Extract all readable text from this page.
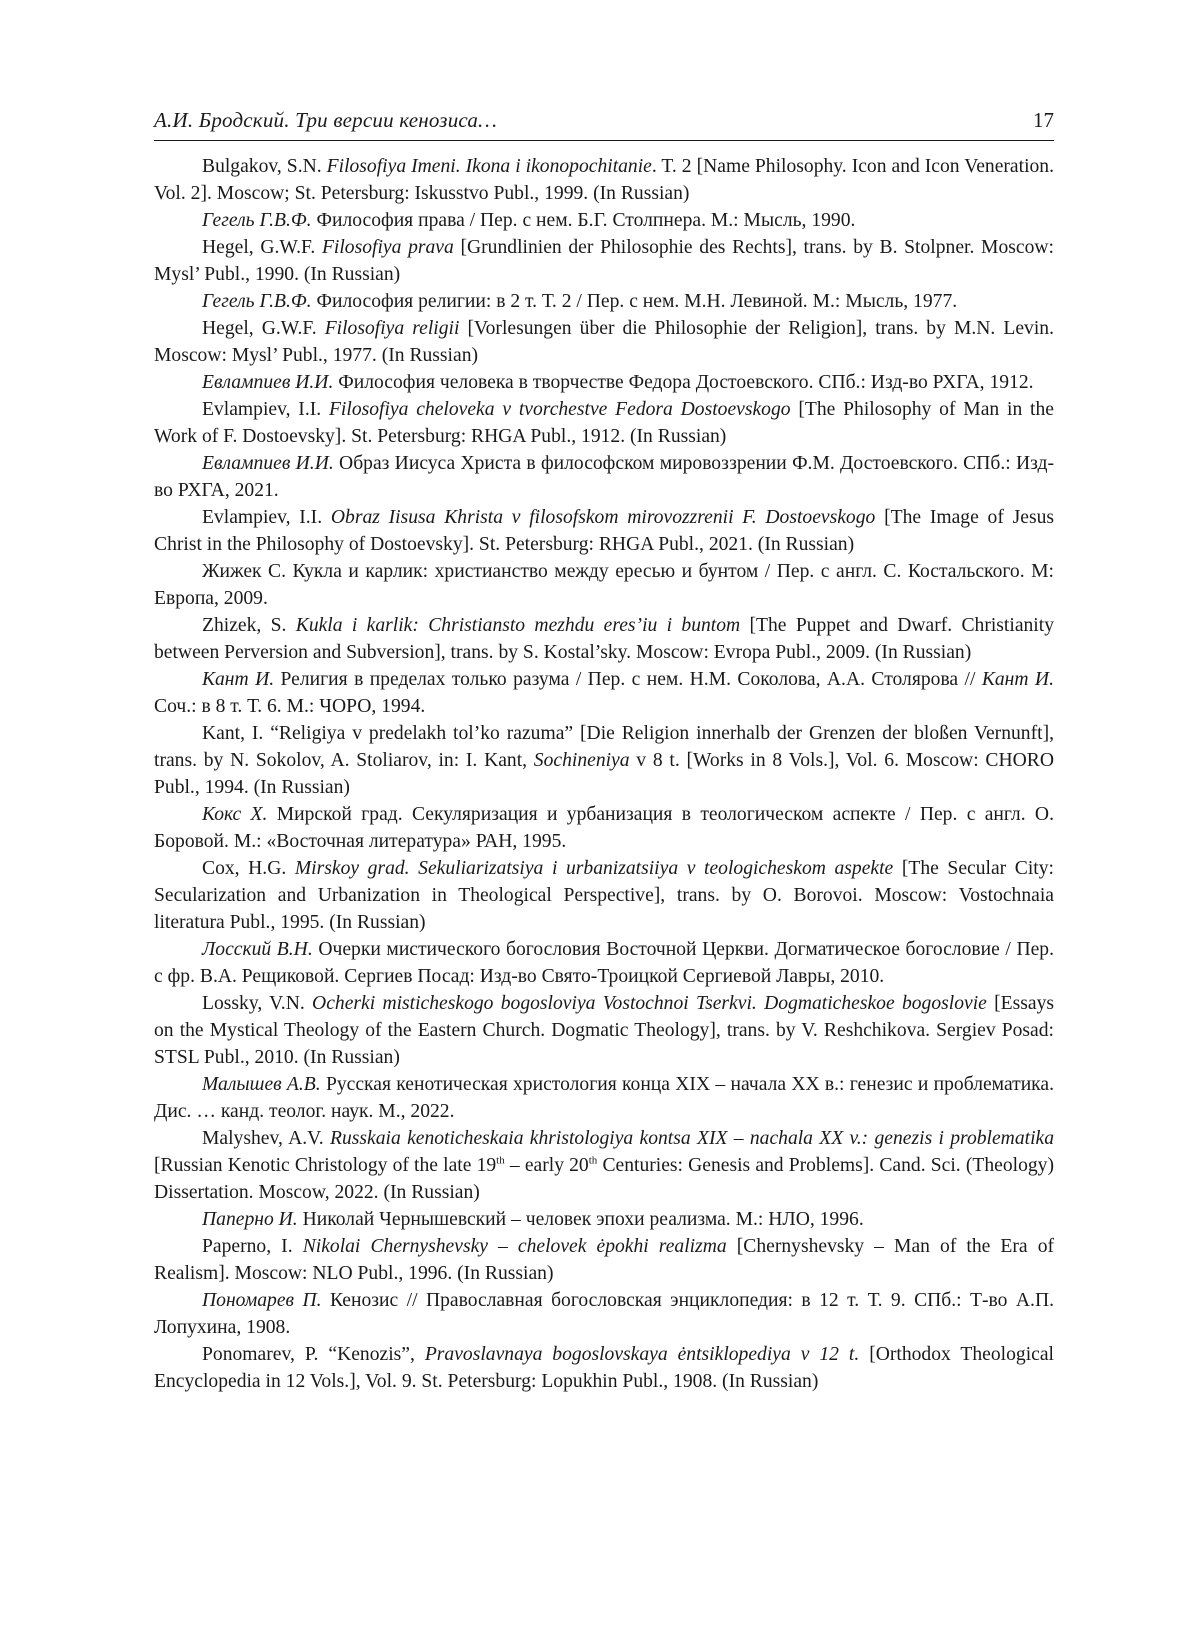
А.И. Бродский. Три версии кенозиса…	17

Bulgakov, S.N. Filosofiya Imeni. Ikona i ikonopochitanie. T. 2 [Name Philosophy. Icon and Icon Veneration. Vol. 2]. Moscow; St. Petersburg: Iskusstvo Publ., 1999. (In Russian)

Гегель Г.В.Ф. Философия права / Пер. с нем. Б.Г. Столпнера. М.: Мысль, 1990.

Hegel, G.W.F. Filosofiya prava [Grundlinien der Philosophie des Rechts], trans. by B. Stolpner. Moscow: Mysl’ Publ., 1990. (In Russian)

Гегель Г.В.Ф. Философия религии: в 2 т. Т. 2 / Пер. с нем. М.Н. Левиной. М.: Мысль, 1977.

Hegel, G.W.F. Filosofiya religii [Vorlesungen über die Philosophie der Religion], trans. by M.N. Levin. Moscow: Mysl’ Publ., 1977. (In Russian)

Евлампиев И.И. Философия человека в творчестве Федора Достоевского. СПб.: Изд-во РХГА, 1912.

Evlampiev, I.I. Filosofiya cheloveka v tvorchestve Fedora Dostoevskogo [The Philosophy of Man in the Work of F. Dostoevsky]. St. Petersburg: RHGA Publ., 1912. (In Russian)

Евлампиев И.И. Образ Иисуса Христа в философском мировоззрении Ф.М. Достоевского. СПб.: Изд-во РХГА, 2021.

Evlampiev, I.I. Obraz Iisusa Khrista v filosofskom mirovozzrenii F. Dostoevskogo [The Image of Jesus Christ in the Philosophy of Dostoevsky]. St. Petersburg: RHGA Publ., 2021. (In Russian)

Жижек С. Кукла и карлик: христианство между ересью и бунтом / Пер. с англ. С. Костальского. М: Европа, 2009.

Zhizek, S. Kukla i karlik: Christiansto mezhdu eres’iu i buntom [The Puppet and Dwarf. Christianity between Perversion and Subversion], trans. by S. Kostal’sky. Moscow: Evropa Publ., 2009. (In Russian)

Кант И. Религия в пределах только разума / Пер. с нем. Н.М. Соколова, А.А. Столярова // Кант И. Соч.: в 8 т. Т. 6. М.: ЧОРО, 1994.

Kant, I. “Religiya v predelakh tol’ko razuma” [Die Religion innerhalb der Grenzen der bloßen Vernunft], trans. by N. Sokolov, A. Stoliarov, in: I. Kant, Sochineniya v 8 t. [Works in 8 Vols.], Vol. 6. Moscow: CHORO Publ., 1994. (In Russian)

Кокс Х. Мирской град. Секуляризация и урбанизация в теологическом аспекте / Пер. с англ. О. Боровой. М.: «Восточная литература» РАН, 1995.

Cox, H.G. Mirskoy grad. Sekuliarizatsiya i urbanizatsiiya v teologicheskom aspekte [The Secular City: Secularization and Urbanization in Theological Perspective], trans. by O. Borovoi. Moscow: Vostochnaia literatura Publ., 1995. (In Russian)

Лосский В.Н. Очерки мистического богословия Восточной Церкви. Догматическое богословие / Пер. с фр. В.А. Рещиковой. Сергиев Посад: Изд-во Свято-Троицкой Сергиевой Лавры, 2010.

Lossky, V.N. Ocherki misticheskogo bogosloviya Vostochnoi Tserkvi. Dogmaticheskoe bogoslovie [Essays on the Mystical Theology of the Eastern Church. Dogmatic Theology], trans. by V. Reshchikova. Sergiev Posad: STSL Publ., 2010. (In Russian)

Малышев А.В. Русская кенотическая христология конца XIX – начала XX в.: генезис и проблематика. Дис. … канд. теолог. наук. М., 2022.

Malyshev, A.V. Russkaia kenoticheskaia khristologiya kontsa XIX – nachala XX v.: genezis i problematika [Russian Kenotic Christology of the late 19th – early 20th Centuries: Genesis and Problems]. Cand. Sci. (Theology) Dissertation. Moscow, 2022. (In Russian)

Паперно И. Николай Чернышевский – человек эпохи реализма. М.: НЛО, 1996.

Paperno, I. Nikolai Chernyshevsky – chelovek ėpokhi realizma [Chernyshevsky – Man of the Era of Realism]. Moscow: NLO Publ., 1996. (In Russian)

Пономарев П. Кенозис // Православная богословская энциклопедия: в 12 т. Т. 9. СПб.: Т-во А.П. Лопухина, 1908.

Ponomarev, P. “Kenozis”, Pravoslavnaya bogoslovskaya ėntsiklopediya v 12 t. [Orthodox Theological Encyclopedia in 12 Vols.], Vol. 9. St. Petersburg: Lopukhin Publ., 1908. (In Russian)
